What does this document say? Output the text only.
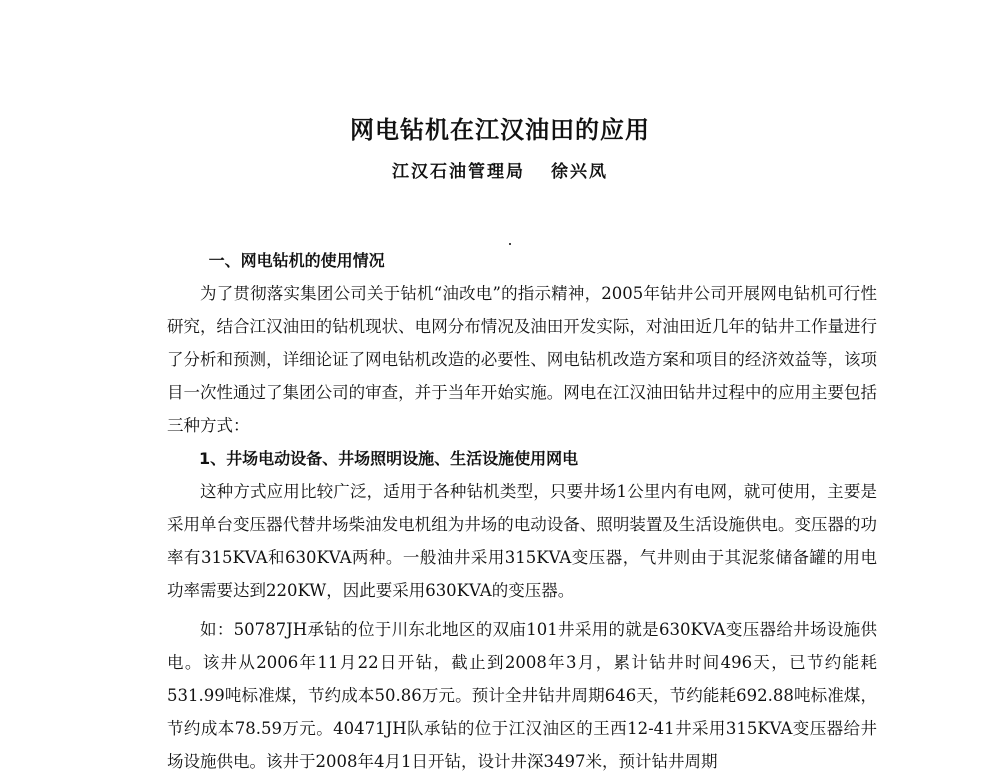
网电钻机在江汉油田的应用
江汉石油管理局 徐兴凤

一、网电钻机的使用情况

为了贯彻落实集团公司关于钻机“油改电”的指示精神，2005年钻井公司开展网电钻机可行性研究，结合江汉油田的钻机现状、电网分布情况及油田开发实际，对油田近几年的钻井工作量进行了分析和预测，详细论证了网电钻机改造的必要性、网电钻机改造方案和项目的经济效益等，该项目一次性通过了集团公司的审查，并于当年开始实施。网电在江汉油田钻井过程中的应用主要包括三种方式：

1、井场电动设备、井场照明设施、生活设施使用网电

这种方式应用比较广泛，适用于各种钻机类型，只要井场1公里内有电网，就可使用，主要是采用单台变压器代替井场柴油发电机组为井场的电动设备、照明装置及生活设施供电。变压器的功率有315KVA和630KVA两种。一般油井采用315KVA变压器，气井则由于其泥浆储备罐的用电功率需要达到220KW，因此要采用630KVA的变压器。

如：50787JH承钻的位于川东北地区的双庙101井采用的就是630KVA变压器给井场设施供电。该井从2006年11月22日开钻，截止到2008年3月，累计钻井时间496天，已节约能耗531.99吨标准煤，节约成本50.86万元。预计全井钻井周期646天，节约能耗692.88吨标准煤，节约成本78.59万元。40471JH队承钻的位于江汉油区的王西12-41井采用315KVA变压器给井场设施供电。该井于2008年4月1日开钻，设计井深3497米，预计钻井周期
